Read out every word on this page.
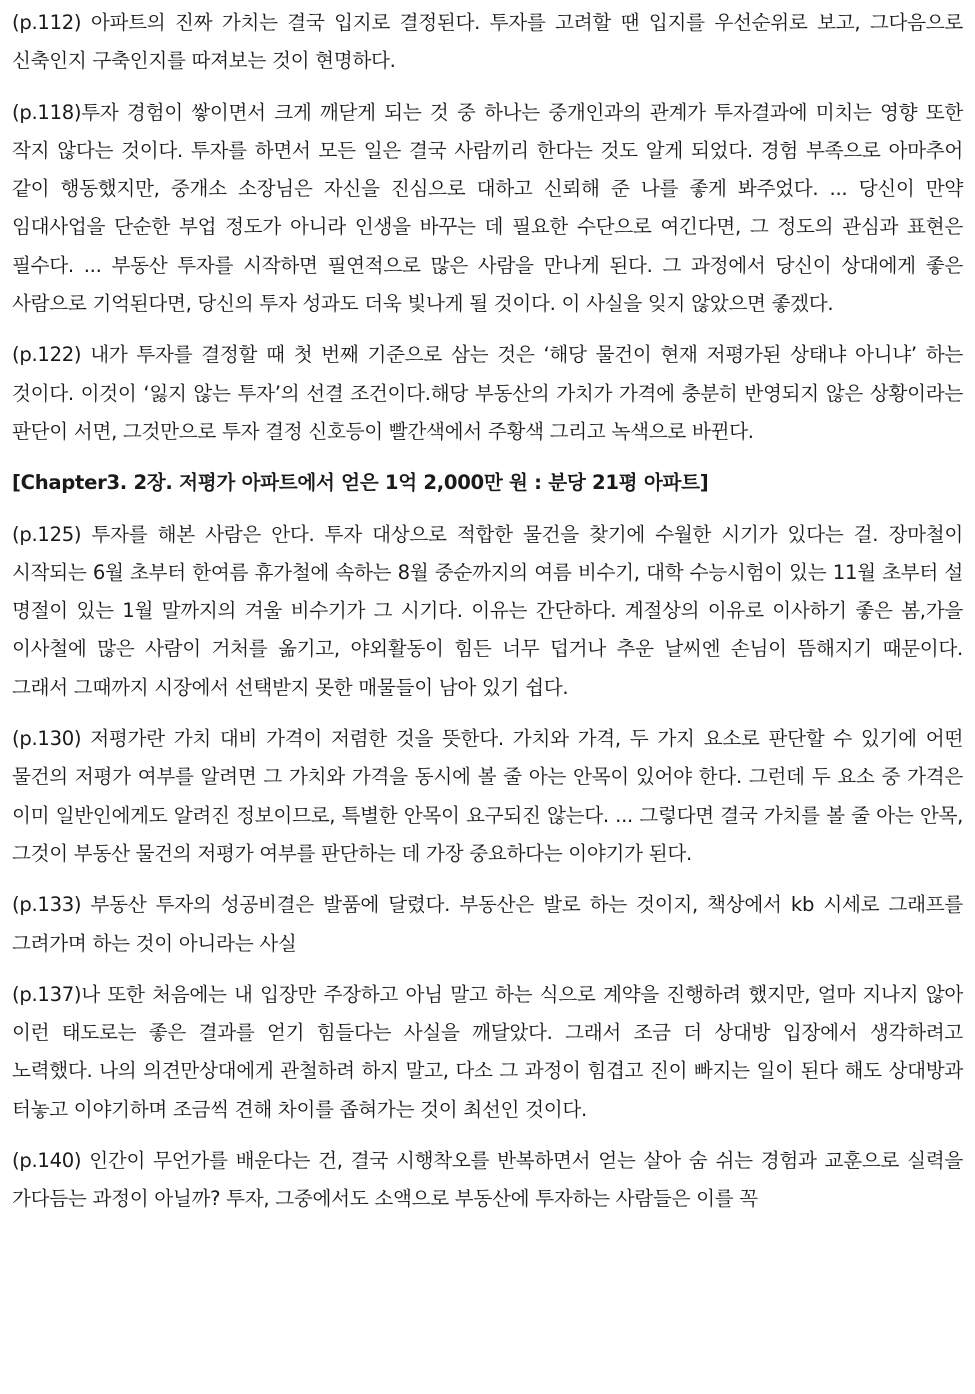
(p.112) 아파트의 진짜 가치는 결국 입지로 결정된다. 투자를 고려할 땐 입지를 우선순위로 보고, 그다음으로 신축인지 구축인지를 따져보는 것이 현명하다.

(p.118)투자 경험이 쌓이면서 크게 깨닫게 되는 것 중 하나는 중개인과의 관계가 투자결과에 미치는 영향 또한 작지 않다는 것이다. 투자를 하면서 모든 일은 결국 사람끼리 한다는 것도 알게 되었다. 경험 부족으로 아마추어 같이 행동했지만, 중개소 소장님은 자신을 진심으로 대하고 신뢰해 준 나를 좋게 봐주었다. ... 당신이 만약 임대사업을 단순한 부업 정도가 아니라 인생을 바꾸는 데 필요한 수단으로 여긴다면, 그 정도의 관심과 표현은 필수다. ... 부동산 투자를 시작하면 필연적으로 많은 사람을 만나게 된다. 그 과정에서 당신이 상대에게 좋은 사람으로 기억된다면, 당신의 투자 성과도 더욱 빛나게 될 것이다. 이 사실을 잊지 않았으면 좋겠다.

(p.122) 내가 투자를 결정할 때 첫 번째 기준으로 삼는 것은 ‘해당 물건이 현재 저평가된 상태냐 아니냐’ 하는 것이다. 이것이 ‘잃지 않는 투자’의 선결 조건이다.해당 부동산의 가치가 가격에 충분히 반영되지 않은 상황이라는 판단이 서면, 그것만으로 투자 결정 신호등이 빨간색에서 주황색 그리고 녹색으로 바뀐다.

[Chapter3. 2장. 저평가 아파트에서 얻은 1억 2,000만 원 : 분당 21평 아파트]

(p.125) 투자를 해본 사람은 안다. 투자 대상으로 적합한 물건을 찾기에 수월한 시기가 있다는 걸. 장마철이 시작되는 6월 초부터 한여름 휴가철에 속하는 8월 중순까지의 여름 비수기, 대학 수능시험이 있는 11월 초부터 설 명절이 있는 1월 말까지의 겨울 비수기가 그 시기다. 이유는 간단하다. 계절상의 이유로 이사하기 좋은 봄,가을 이사철에 많은 사람이 거처를 옮기고, 야외활동이 힘든 너무 덥거나 추운 날씨엔 손님이 뜸해지기 때문이다. 그래서 그때까지 시장에서 선택받지 못한 매물들이 남아 있기 쉽다.

(p.130) 저평가란 가치 대비 가격이 저렴한 것을 뜻한다. 가치와 가격, 두 가지 요소로 판단할 수 있기에 어떤 물건의 저평가 여부를 알려면 그 가치와 가격을 동시에 볼 줄 아는 안목이 있어야 한다. 그런데 두 요소 중 가격은 이미 일반인에게도 알려진 정보이므로, 특별한 안목이 요구되진 않는다. ... 그렇다면 결국 가치를 볼 줄 아는 안목, 그것이 부동산 물건의 저평가 여부를 판단하는 데 가장 중요하다는 이야기가 된다.

(p.133) 부동산 투자의 성공비결은 발품에 달렸다. 부동산은 발로 하는 것이지, 책상에서 kb 시세로 그래프를 그려가며 하는 것이 아니라는 사실

(p.137)나 또한 처음에는 내 입장만 주장하고 아님 말고 하는 식으로 계약을 진행하려 했지만, 얼마 지나지 않아 이런 태도로는 좋은 결과를 얻기 힘들다는 사실을 깨달았다. 그래서 조금 더 상대방 입장에서 생각하려고 노력했다. 나의 의견만상대에게 관철하려 하지 말고, 다소 그 과정이 힘겹고 진이 빠지는 일이 된다 해도 상대방과 터놓고 이야기하며 조금씩 견해 차이를 좁혀가는 것이 최선인 것이다.

(p.140) 인간이 무언가를 배운다는 건, 결국 시행착오를 반복하면서 얻는 살아 숨 쉬는 경험과 교훈으로 실력을 가다듬는 과정이 아닐까? 투자, 그중에서도 소액으로 부동산에 투자하는 사람들은 이를 꼭
